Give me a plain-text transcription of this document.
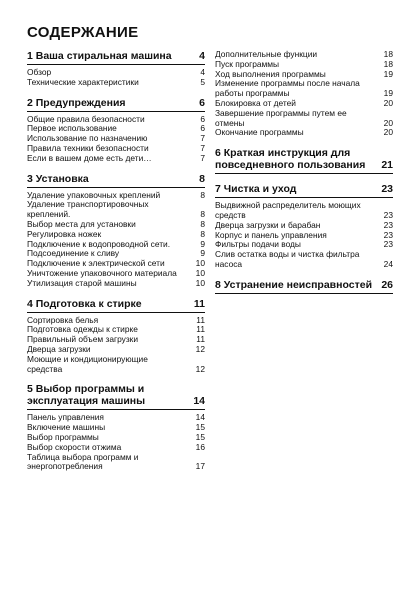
СОДЕРЖАНИЕ
1 Ваша стиральная машина	4
Обзор	4
Технические характеристики	5
2 Предупреждения	6
Общие правила безопасности	6
Первое использование	6
Использование по назначению	7
Правила техники безопасности	7
Если в вашем доме есть дети…	7
3 Установка	8
Удаление упаковочных креплений	8
Удаление транспортировочных креплений.	8
Выбор места для установки	8
Регулировка ножек	8
Подключение к водопроводной сети.	9
Подсоединение к сливу	9
Подключение к электрической сети	10
Уничтожение упаковочного материала	10
Утилизация старой машины	10
4 Подготовка к стирке	11
Сортировка белья	11
Подготовка одежды к стирке	11
Правильный объем загрузки	11
Дверца загрузки	12
Моющие и кондиционирующие средства	12
5 Выбор программы и эксплуатация машины	14
Панель управления	14
Включение машины	15
Выбор программы	15
Выбор скорости отжима	16
Таблица выбора программ и энергопотребления	17
Дополнительные функции	18
Пуск программы	18
Ход выполнения программы	19
Изменение программы после начала работы программы	19
Блокировка от детей	20
Завершение программы путем ее отмены	20
Окончание программы	20
6 Краткая инструкция для повседневного пользования	21
7 Чистка и уход	23
Выдвижной распределитель моющих средств	23
Дверца загрузки и барабан	23
Корпус и панель управления	23
Фильтры подачи воды	23
Слив остатка воды и чистка фильтра насоса	24
8 Устранение неисправностей 26
